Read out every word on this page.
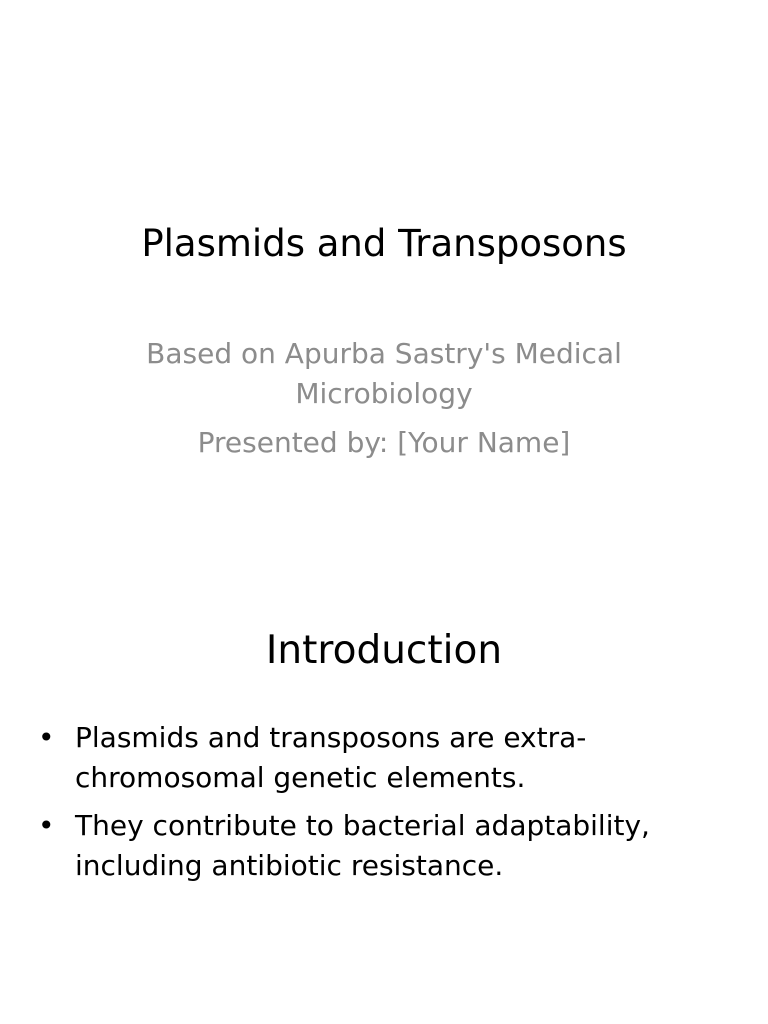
Plasmids and Transposons
Based on Apurba Sastry's Medical Microbiology
Presented by: [Your Name]
Introduction
• Plasmids and transposons are extra-chromosomal genetic elements.
• They contribute to bacterial adaptability, including antibiotic resistance.
